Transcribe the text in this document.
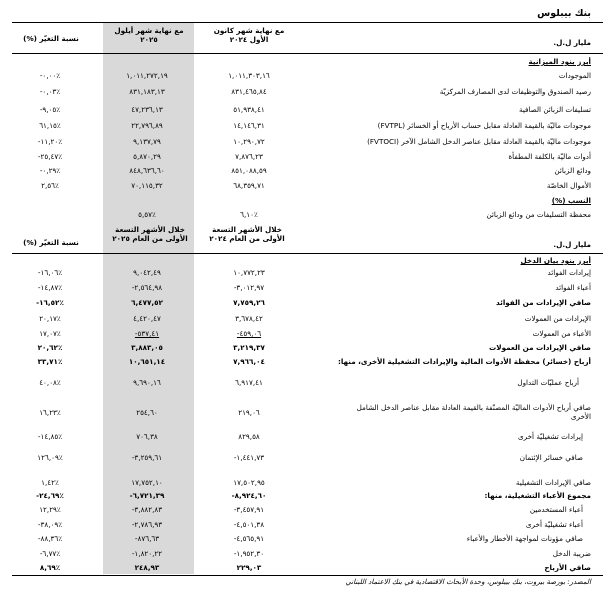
بنك بيبلوس
مع نهاية شهر كانون الأول ٢٠٢٤
مع نهاية شهر أيلول ٢٠٢٥
نسبة التغيّر (%)	مليار ل.ل.
أبرز بنود الميزانية
الموجودات
١,٠١١,٣٠٣,١٦
١,٠١١,٢٧٢,١٩
-٠,٠٠٪
رصيد الصندوق والتوظيفات لدى المصارف المركزيّة
٨٣١,٤٦٥,٨٤
٨٣١,١٨٣,١٣
-٠,٠٣٪
تسليفات الزبائن الصافية
٥١,٩٣٨,٤١
٤٧,٢٣٦,١٣
-٩,٠٥٪
موجودات ماليّة بالقيمة العادلة مقابل حساب الأرباح أو الخسائر (FVTPL)
١٤,١٤٦,٣١
٢٢,٧٩٦,٨٩
٦١,١٥٪
موجودات ماليّة بالقيمة العادلة مقابل عناصر الدخل الشامل الآخر (FVTOCI)
١٠,٢٩٠,٧٢
٩,١٣٧,٧٩
-١١,٢٠٪
أدوات ماليّة بالكلفة المطفأة
٧,٨٧٦,٢٣
٥,٨٧٠,٢٩
-٢٥,٤٧٪
ودائع الزبائن
٨٥١,٠٨٨,٥٩
٨٤٨,٦٣٦,٦٠
-٠,٢٩٪
الأموال الخاصّة
٦٨,٣٥٩,٧١
٧٠,١١٥,٣٢
٢,٥٦٪
النسب (%)
محفظة التسليفات من ودائع الزبائن
٦,١٠٪
٥,٥٧٪
خلال الأشهر التسعة الأولى من العام ٢٠٢٤
خلال الأشهر التسعة الأولى من العام ٢٠٢٥
نسبة التغيّر (%)	مليار ل.ل.
أبرز بنود بيان الدخل
إيرادات الفوائد
١٠,٧٧٢,٢٣
٩,٠٤٢,٤٩
-١٦,٠٦٪
أعباء الفوائد
-٣,٠١٢,٩٧
-٢,٥٦٤,٩٨
-١٤,٨٧٪
صافي الإيرادات من الفوائد
٧,٧٥٩,٢٦
٦,٤٧٧,٥٢
-١٦,٥٢٪
الإيرادات من العمولات
٣,٦٧٨,٤٢
٤,٤٢٠,٤٧
٢٠,١٧٪
الأعباء من العمولات
-٤٥٩,٠٦
-٥٣٧,٤١
١٧,٠٧٪
صافي الإيرادات من العمولات
٣,٢١٩,٣٧
٣,٨٨٣,٠٥
٢٠,٦٢٪
أرباح (خسائر) محفظة الأدوات المالية والإيرادات التشغيلية الأخرى، منها:
٧,٩٦٦,٠٤
١٠,٦٥١,١٤
٣٣,٧١٪
أرباح عمليّات التداول
٦,٩١٧,٤١
٩,٦٩٠,١٦
٤٠,٠٨٪
صافي أرباح الأدوات الماليّة المصنّفة بالقيمة العادلة مقابل عناصر الدخل الشامل الأخرى
٢١٩,٠٦
٢٥٤,٦٠
١٦,٢٣٪
إيرادات تشغيليّة أخرى
٨٢٩,٥٨
٧٠٦,٣٨
-١٤,٨٥٪
صافي خسائر الإئتمان
-١,٤٤١,٧٣
-٣,٢٥٩,٦١
١٢٦,٠٩٪
صافي الإيرادات التشغيلية
١٧,٥٠٢,٩٥
١٧,٧٥٢,١٠
١,٤٢٪
مجموع الأعباء التشغيلية، منها:
-٨,٩٢٤,٦٠
-٦,٧٢١,٣٩
-٢٤,٦٩٪
أعباء المستخدمين
-٣,٤٥٧,٩١
-٣,٨٨٢,٨٣
١٢,٢٩٪
أعباء تشغيليّة أخرى
-٤,٥٠١,٣٨
-٢,٧٨٦,٩٣
-٣٨,٠٩٪
صافي مؤونات لمواجهة الأخطار والأعباء
-٤,٥٦٥,٩١
-٨٧٦,٦٣
-٨٨,٣٦٪
ضريبة الدخل
-١,٩٥٢,٣٠
-١,٨٢٠,٢٢
-٦,٧٧٪
صافي الأرباح
٢٢٩,٠٣
٢٤٨,٩٣
٨,٦٩٪
المصدر: بورصة بيروت، بنك بيبلوس، وحدة الأبحاث الاقتصادية في بنك الاعتماد اللبناني
